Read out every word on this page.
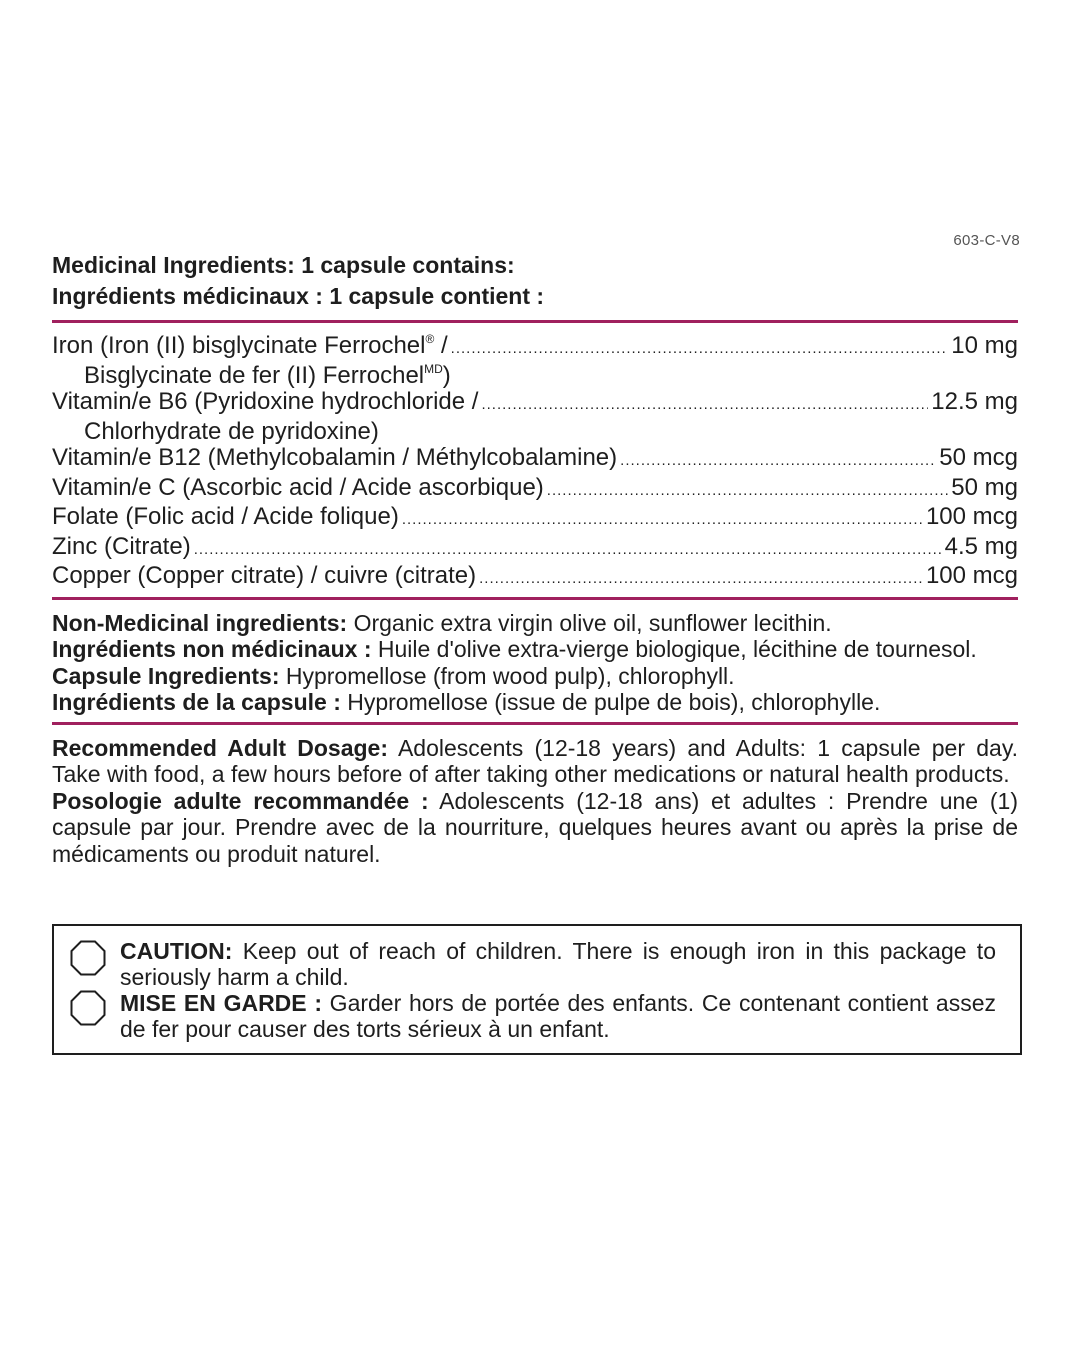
603-C-V8
Medicinal Ingredients: 1 capsule contains:
Ingrédients médicinaux : 1 capsule contient :
Iron (Iron (II) bisglycinate Ferrochel® / .....	10 mg
Bisglycinate de fer (II) Ferrochel$^{MD}$)
Vitamin/e B6 (Pyridoxine hydrochloride / .....	12.5 mg
Chlorhydrate de pyridoxine)
Vitamin/e B12 (Methylcobalamin / Méthylcobalamine) .....	50 mcg
Vitamin/e C (Ascorbic acid / Acide ascorbique) .....	50 mg
Folate (Folic acid / Acide folique) .....	100 mcg
Zinc (Citrate) .....	4.5 mg
Copper (Copper citrate) / cuivre (citrate) .....	100 mcg
Non-Medicinal ingredients: Organic extra virgin olive oil, sunflower lecithin.
Ingrédients non médicinaux : Huile d'olive extra-vierge biologique, lécithine de tournesol.
Capsule Ingredients: Hypromellose (from wood pulp), chlorophyll.
Ingrédients de la capsule : Hypromellose (issue de pulpe de bois), chlorophylle.
Recommended Adult Dosage: Adolescents (12-18 years) and Adults: 1 capsule per day. Take with food, a few hours before of after taking other medications or natural health products.
Posologie adulte recommandée : Adolescents (12-18 ans) et adultes : Prendre une (1) capsule par jour. Prendre avec de la nourriture, quelques heures avant ou après la prise de médicaments ou produit naturel.
CAUTION: Keep out of reach of children. There is enough iron in this package to seriously harm a child.
MISE EN GARDE : Garder hors de portée des enfants. Ce contenant contient assez de fer pour causer des torts sérieux à un enfant.
